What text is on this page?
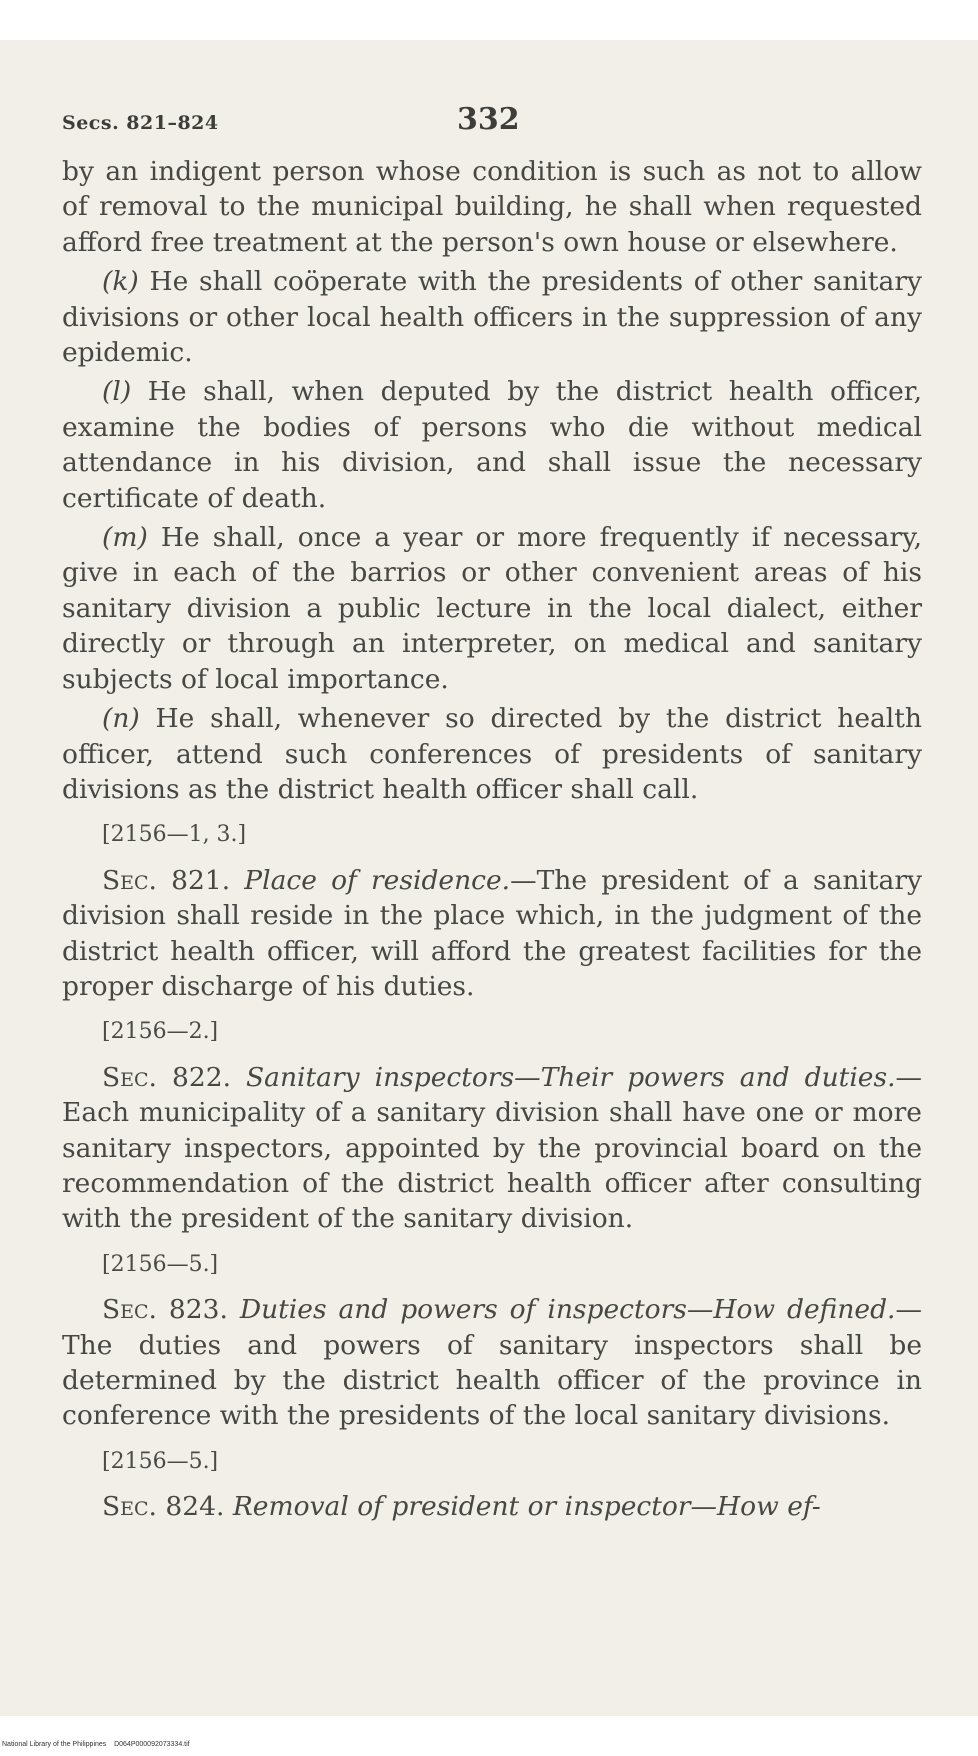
Secs. 821–824	332

by an indigent person whose condition is such as not to allow of removal to the municipal building, he shall when requested afford free treatment at the person's own house or elsewhere.

(k) He shall coöperate with the presidents of other sanitary divisions or other local health officers in the suppression of any epidemic.

(l) He shall, when deputed by the district health officer, examine the bodies of persons who die without medical attendance in his division, and shall issue the necessary certificate of death.

(m) He shall, once a year or more frequently if necessary, give in each of the barrios or other convenient areas of his sanitary division a public lecture in the local dialect, either directly or through an interpreter, on medical and sanitary subjects of local importance.

(n) He shall, whenever so directed by the district health officer, attend such conferences of presidents of sanitary divisions as the district health officer shall call.

[2156—1, 3.]

Sec. 821. Place of residence.—The president of a sanitary division shall reside in the place which, in the judgment of the district health officer, will afford the greatest facilities for the proper discharge of his duties.

[2156—2.]

Sec. 822. Sanitary inspectors—Their powers and duties.—Each municipality of a sanitary division shall have one or more sanitary inspectors, appointed by the provincial board on the recommendation of the district health officer after consulting with the president of the sanitary division.

[2156—5.]

Sec. 823. Duties and powers of inspectors—How defined.—The duties and powers of sanitary inspectors shall be determined by the district health officer of the province in conference with the presidents of the local sanitary divisions.

[2156—5.]

Sec. 824. Removal of president or inspector—How ef-

National Library of the Philippines D064P000092073334.tif
